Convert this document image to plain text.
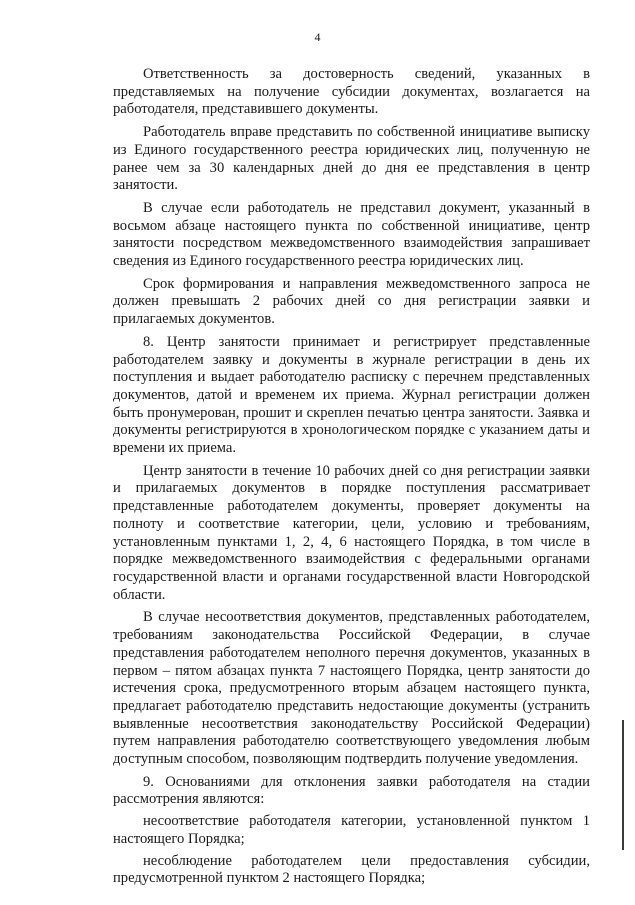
4

Ответственность за достоверность сведений, указанных в представляемых на получение субсидии документах, возлагается на работодателя, представившего документы.

Работодатель вправе представить по собственной инициативе выписку из Единого государственного реестра юридических лиц, полученную не ранее чем за 30 календарных дней до дня ее представления в центр занятости.

В случае если работодатель не представил документ, указанный в восьмом абзаце настоящего пункта по собственной инициативе, центр занятости посредством межведомственного взаимодействия запрашивает сведения из Единого государственного реестра юридических лиц.

Срок формирования и направления межведомственного запроса не должен превышать 2 рабочих дней со дня регистрации заявки и прилагаемых документов.

8. Центр занятости принимает и регистрирует представленные работодателем заявку и документы в журнале регистрации в день их поступления и выдает работодателю расписку с перечнем представленных документов, датой и временем их приема. Журнал регистрации должен быть пронумерован, прошит и скреплен печатью центра занятости. Заявка и документы регистрируются в хронологическом порядке с указанием даты и времени их приема.

Центр занятости в течение 10 рабочих дней со дня регистрации заявки и прилагаемых документов в порядке поступления рассматривает представленные работодателем документы, проверяет документы на полноту и соответствие категории, цели, условию и требованиям, установленным пунктами 1, 2, 4, 6 настоящего Порядка, в том числе в порядке межведомственного взаимодействия с федеральными органами государственной власти и органами государственной власти Новгородской области.

В случае несоответствия документов, представленных работодателем, требованиям законодательства Российской Федерации, в случае представления работодателем неполного перечня документов, указанных в первом – пятом абзацах пункта 7 настоящего Порядка, центр занятости до истечения срока, предусмотренного вторым абзацем настоящего пункта, предлагает работодателю представить недостающие документы (устранить выявленные несоответствия законодательству Российской Федерации) путем направления работодателю соответствующего уведомления любым доступным способом, позволяющим подтвердить получение уведомления.

9. Основаниями для отклонения заявки работодателя на стадии рассмотрения являются:

несоответствие работодателя категории, установленной пунктом 1 настоящего Порядка;

несоблюдение работодателем цели предоставления субсидии, предусмотренной пунктом 2 настоящего Порядка;
